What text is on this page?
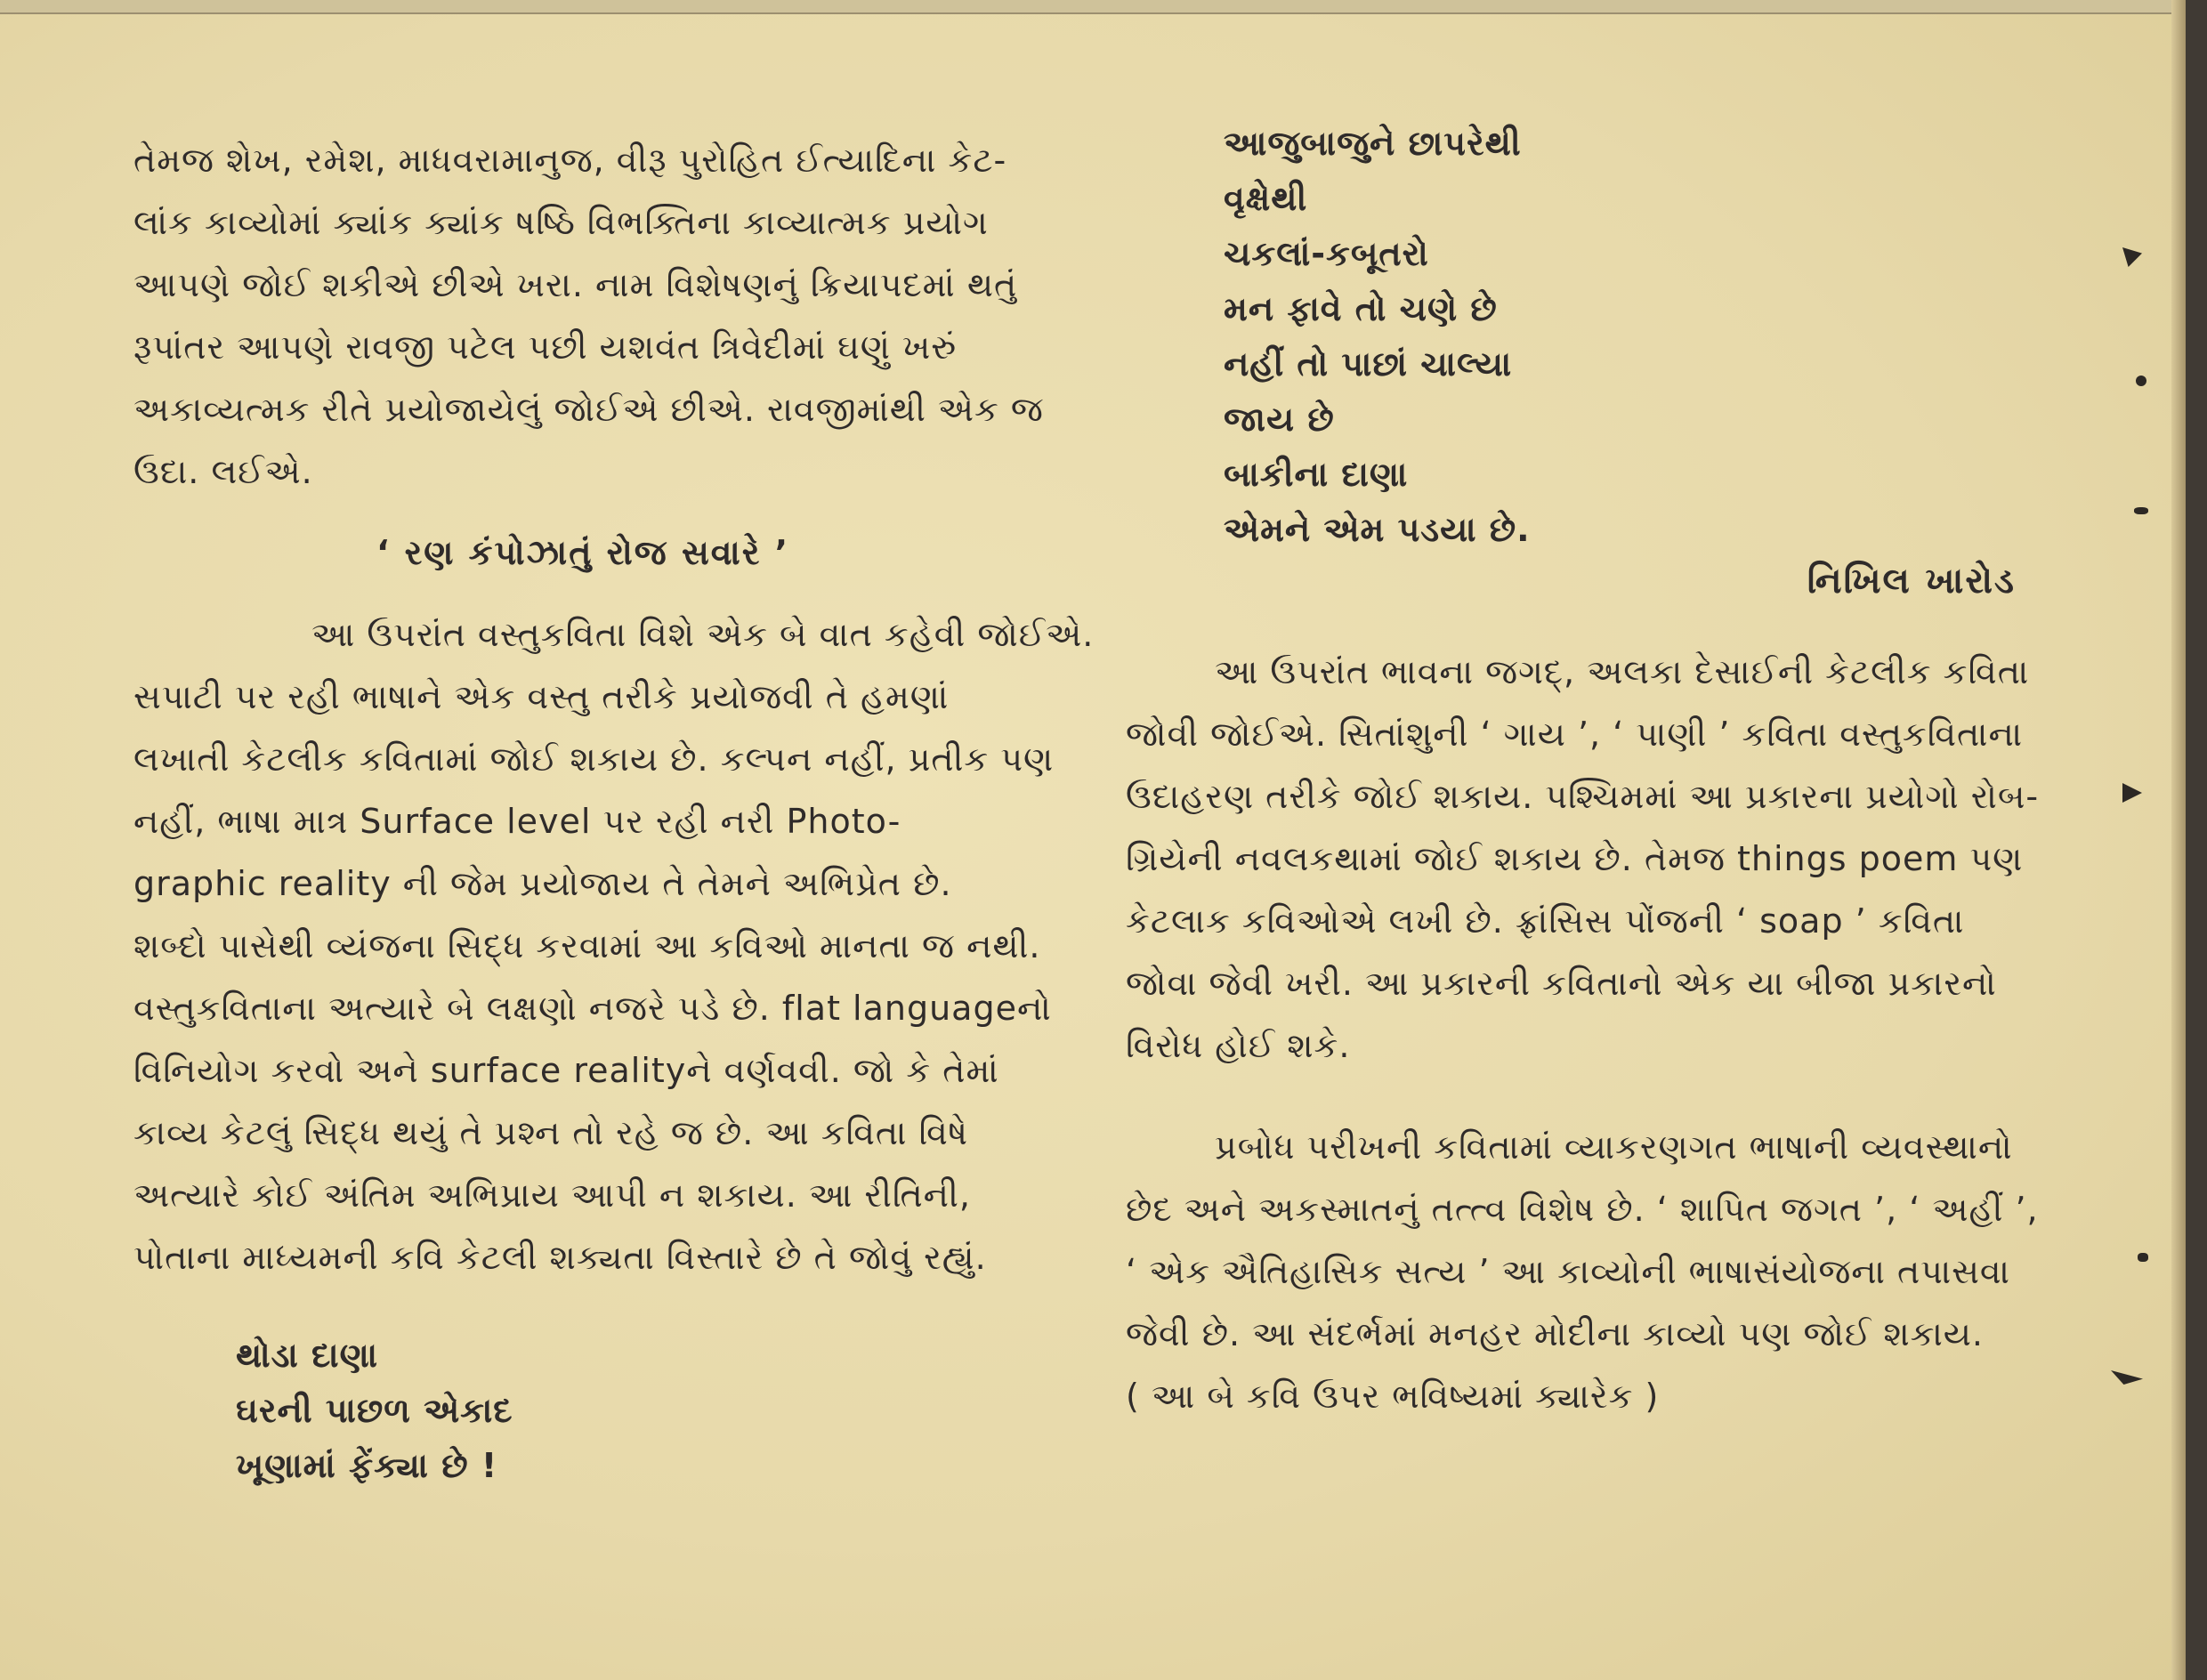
તેમજ શેખ, રમેશ, માધવરામાનુજ, વીરૂ પુરોહિત ઈત્યાદિના કેટ-
લાંક કાવ્યોમાં ક્યાંક ક્યાંક ષષ્ઠિ વિભક્તિના કાવ્યાત્મક પ્રયોગ
આપણે જોઈ શકીએ છીએ ખરા. નામ વિશેષણનું ક્રિયાપદમાં થતું
રૂપાંતર આપણે રાવજી પટેલ પછી યશવંત ત્રિવેદીમાં ઘણું ખરું
અકાવ્યત્મક રીતે પ્રયોજાયેલું જોઈએ છીએ. રાવજીમાંથી એક જ
ઉદા. લઈએ.

‘ રણ કંપોઝાતું રોજ સવારે ’

આ ઉપરાંત વસ્તુકવિતા વિશે એક બે વાત કહેવી જોઈએ.
સપાટી પર રહી ભાષાને એક વસ્તુ તરીકે પ્રયોજવી તે હમણાં
લખાતી કેટલીક કવિતામાં જોઈ શકાય છે. કલ્પન નહીં, પ્રતીક પણ
નહીં, ભાષા માત્ર Surface level પર રહી નરી Photo-
graphic reality ની જેમ પ્રયોજાય તે તેમને અભિપ્રેત છે.
શબ્દો પાસેથી વ્યંજના સિદ્ધ કરવામાં આ કવિઓ માનતા જ નથી.
વસ્તુકવિતાના અત્યારે બે લક્ષણો નજરે પડે છે. flat languageનો
વિનિયોગ કરવો અને surface realityને વર્ણવવી. જો કે તેમાં
કાવ્ય કેટલું સિદ્ધ થયું તે પ્રશ્ન તો રહે જ છે. આ કવિતા વિષે
અત્યારે કોઈ અંતિમ અભિપ્રાય આપી ન શકાય. આ રીતિની,
પોતાના માધ્યમની કવિ કેટલી શક્યતા વિસ્તારે છે તે જોવું રહ્યું.

થોડા દાણા
ઘરની પાછળ એકાદ
ખૂણામાં ફેંક્યા છે !
આજુબાજુને છાપરેથી
વૃક્ષેથી
ચકલાં-કબૂતરો
મન ફાવે તો ચણે છે
નહીં તો પાછાં ચાલ્યા
જાય છે
બાકીના દાણા
એમને એમ પડયા છે.
નિખિલ ખારોડ

આ ઉપરાંત ભાવના જગદ્, અલકા દેસાઈની કેટલીક કવિતા
જોવી જોઈએ. સિતાંશુની ‘ ગાય ’, ‘ પાણી ’ કવિતા વસ્તુકવિતાના
ઉદાહરણ તરીકે જોઈ શકાય. પશ્ચિમમાં આ પ્રકારના પ્રયોગો રોબ-
ગ્રિયેની નવલકથામાં જોઈ શકાય છે. તેમજ things poem પણ
કેટલાક કવિઓએ લખી છે. ફ્રાંસિસ પોંજની ‘ soap ’ કવિતા
જોવા જેવી ખરી. આ પ્રકારની કવિતાનો એક યા બીજા પ્રકારનો
વિરોધ હોઈ શકે.

પ્રબોધ પરીખની કવિતામાં વ્યાકરણગત ભાષાની વ્યવસ્થાનો
છેદ અને અકસ્માતનું તત્ત્વ વિશેષ છે. ‘ શાપિત જગત ’, ‘ અહીં ’,
‘ એક ઐતિહાસિક સત્ય ’ આ કાવ્યોની ભાષાસંયોજના તપાસવા
જેવી છે. આ સંદર્ભમાં મનહર મોદીના કાવ્યો પણ જોઈ શકાય.
( આ બે કવિ ઉપર ભવિષ્યમાં ક્યારેક )
